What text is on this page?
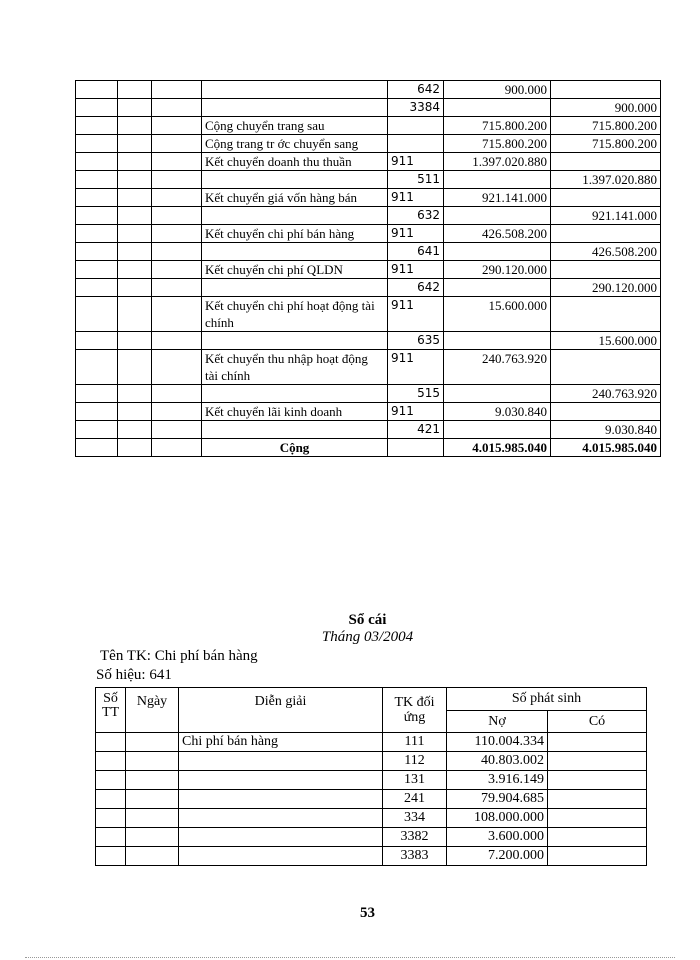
				642	900.000	
				3384		900.000
			Cộng chuyển trang sau		715.800.200	715.800.200
			Cộng trang tr ớc chuyển sang		715.800.200	715.800.200
			Kết chuyển doanh thu thuần	911	1.397.020.880	
				511		1.397.020.880
			Kết chuyển giá vốn hàng bán	911	921.141.000	
				632		921.141.000
			Kết chuyển chi phí bán hàng	911	426.508.200	
				641		426.508.200
			Kết chuyển chi phí QLDN	911	290.120.000	
				642		290.120.000
			Kết chuyển chi phí hoạt động tài chính	911	15.600.000	
				635		15.600.000
			Kết chuyển thu nhập hoạt động tài chính	911	240.763.920	
				515		240.763.920
			Kết chuyển lãi kinh doanh	911	9.030.840	
				421		9.030.840
			Cộng		4.015.985.040	4.015.985.040
Sổ cái
Tháng 03/2004
Tên TK: Chi phí bán hàng
Số hiệu: 641
Số TT	Ngày	Diễn giải	TK đối ứng	Số phát sinh	
				Nợ	Có
		Chi phí bán hàng	111	110.004.334	
			112	40.803.002	
			131	3.916.149	
			241	79.904.685	
			334	108.000.000	
			3382	3.600.000	
			3383	7.200.000	
53
